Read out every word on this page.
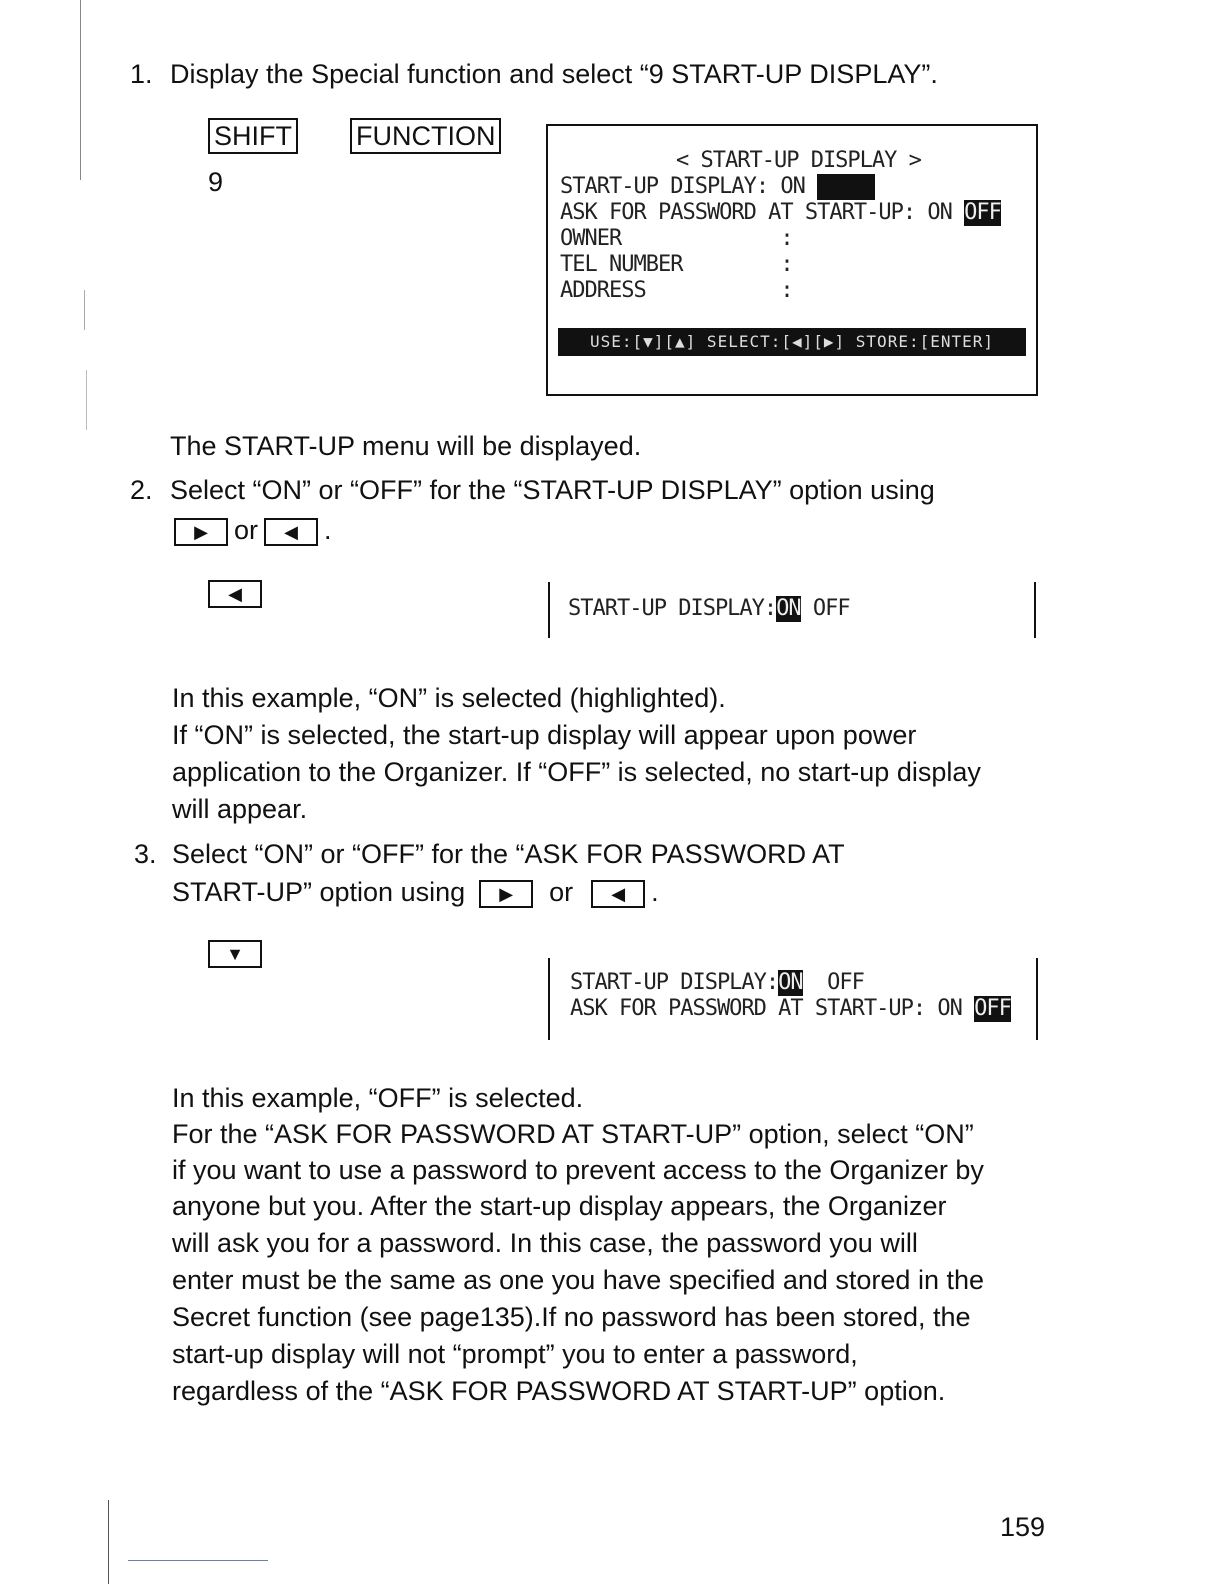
1. Display the Special function and select “9 START-UP DISPLAY”.
SHIFT FUNCTION
9
< START-UP DISPLAY >
START-UP DISPLAY: ON
ASK FOR PASSWORD AT START-UP: ON OFF
OWNER             :
TEL NUMBER        :
ADDRESS           :
USE:[▼][▲] SELECT:[◀][▶] STORE:[ENTER]
The START-UP menu will be displayed.
2. Select “ON” or “OFF” for the “START-UP DISPLAY” option using
▶ or ◀ .
◀
START-UP DISPLAY:ON OFF
In this example, “ON” is selected (highlighted).
If “ON” is selected, the start-up display will appear upon power
application to the Organizer. If “OFF” is selected, no start-up display
will appear.
3. Select “ON” or “OFF” for the “ASK FOR PASSWORD AT
START-UP” option using ▶ or ◀ .
▼
START-UP DISPLAY:ON  OFF
ASK FOR PASSWORD AT START-UP: ON OFF
In this example, “OFF” is selected.
For the “ASK FOR PASSWORD AT START-UP” option, select “ON”
if you want to use a password to prevent access to the Organizer by
anyone but you. After the start-up display appears, the Organizer
will ask you for a password. In this case, the password you will
enter must be the same as one you have specified and stored in the
Secret function (see page135).If no password has been stored, the
start-up display will not “prompt” you to enter a password,
regardless of the “ASK FOR PASSWORD AT START-UP” option.
159
